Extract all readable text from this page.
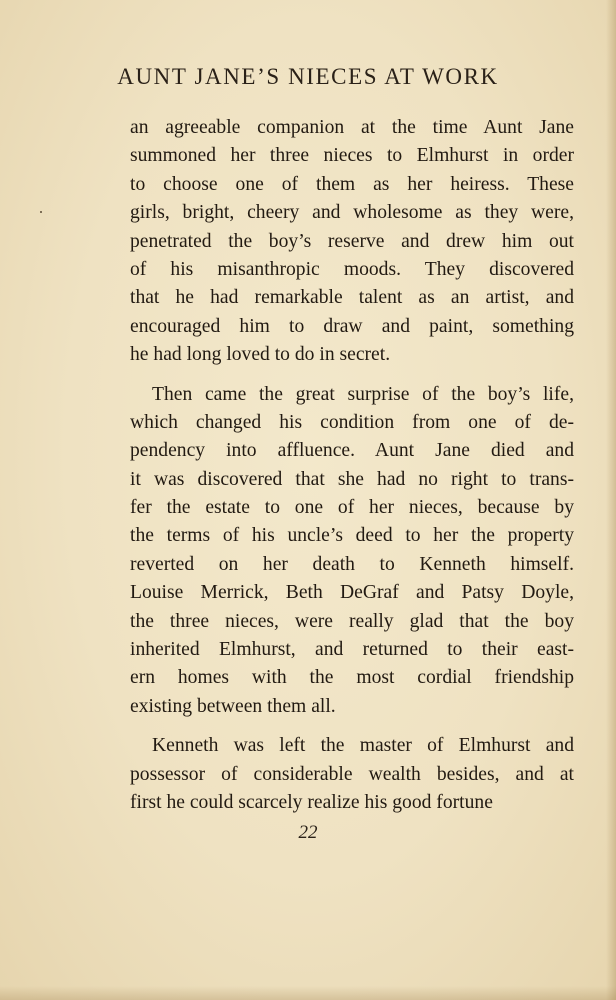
AUNT JANE’S NIECES AT WORK

an agreeable companion at the time Aunt Jane
summoned her three nieces to Elmhurst in order
to choose one of them as her heiress. These
girls, bright, cheery and wholesome as they were,
penetrated the boy’s reserve and drew him out
of his misanthropic moods. They discovered
that he had remarkable talent as an artist, and
encouraged him to draw and paint, something
he had long loved to do in secret.

Then came the great surprise of the boy’s life,
which changed his condition from one of de-
pendency into affluence. Aunt Jane died and
it was discovered that she had no right to trans-
fer the estate to one of her nieces, because by
the terms of his uncle’s deed to her the property
reverted on her death to Kenneth himself.
Louise Merrick, Beth DeGraf and Patsy Doyle,
the three nieces, were really glad that the boy
inherited Elmhurst, and returned to their east-
ern homes with the most cordial friendship
existing between them all.

Kenneth was left the master of Elmhurst and
possessor of considerable wealth besides, and at
first he could scarcely realize his good fortune

22
